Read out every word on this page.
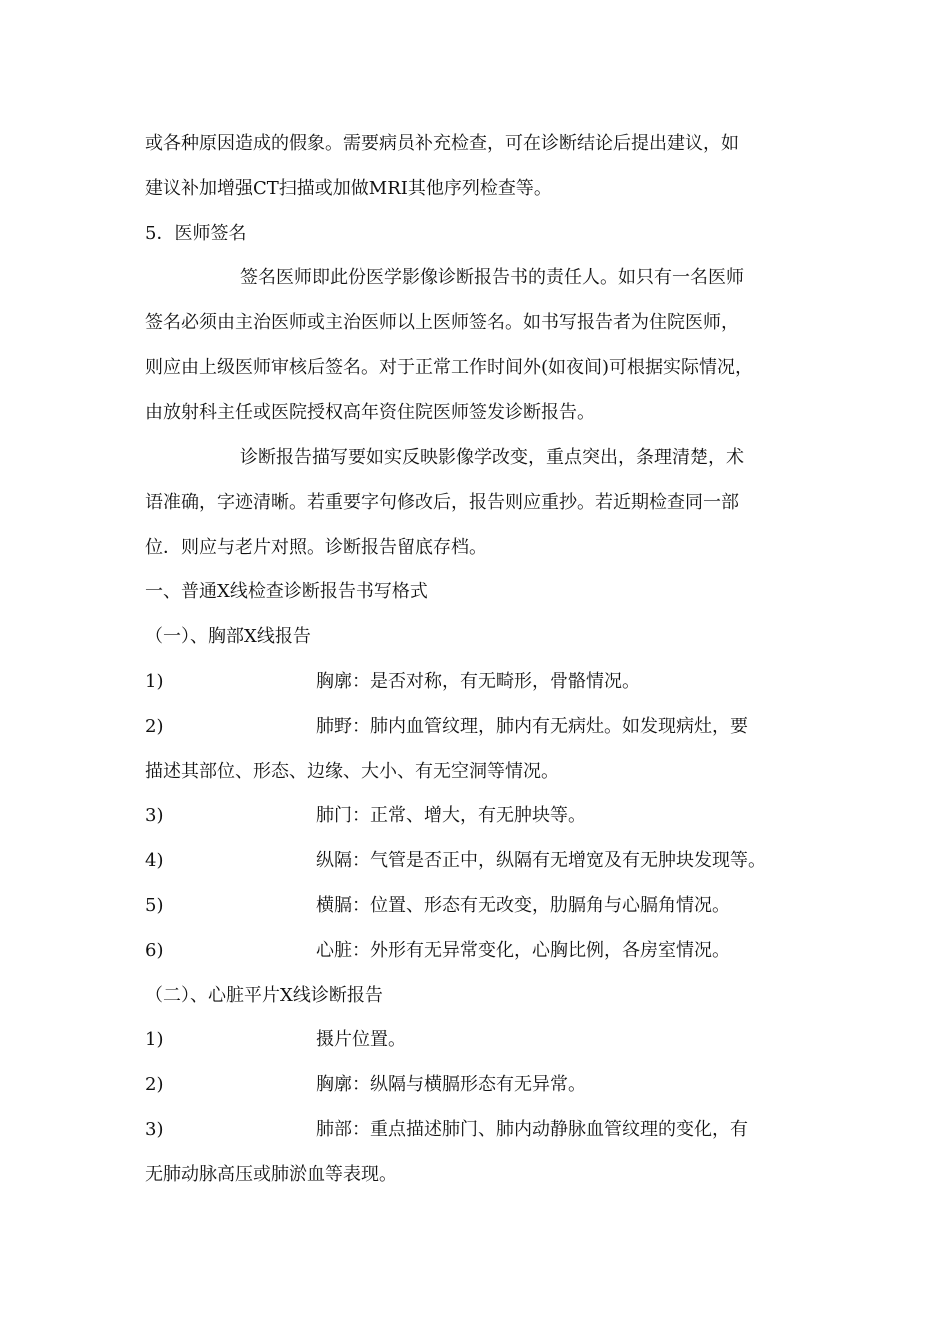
或各种原因造成的假象。需要病员补充检查，可在诊断结论后提出建议，如
建议补加增强CT扫描或加做MRI其他序列检查等。
5．医师签名
签名医师即此份医学影像诊断报告书的责任人。如只有一名医师
签名必须由主治医师或主治医师以上医师签名。如书写报告者为住院医师，
则应由上级医师审核后签名。对于正常工作时间外(如夜间)可根据实际情况，
由放射科主任或医院授权高年资住院医师签发诊断报告。
诊断报告描写要如实反映影像学改变，重点突出，条理清楚，术
语准确，字迹清晰。若重要字句修改后，报告则应重抄。若近期检查同一部
位．则应与老片对照。诊断报告留底存档。
一、普通X线检查诊断报告书写格式
（一）、胸部X线报告
1)	胸廓：是否对称，有无畸形，骨骼情况。
2)	肺野：肺内血管纹理，肺内有无病灶。如发现病灶，要
描述其部位、形态、边缘、大小、有无空洞等情况。
3)	肺门：正常、增大，有无肿块等。
4)	纵隔：气管是否正中，纵隔有无增宽及有无肿块发现等。
5)	横膈：位置、形态有无改变，肋膈角与心膈角情况。
6)	心脏：外形有无异常变化，心胸比例，各房室情况。
（二）、心脏平片X线诊断报告
1)	摄片位置。
2)	胸廓：纵隔与横膈形态有无异常。
3)	肺部：重点描述肺门、肺内动静脉血管纹理的变化，有
无肺动脉高压或肺淤血等表现。
